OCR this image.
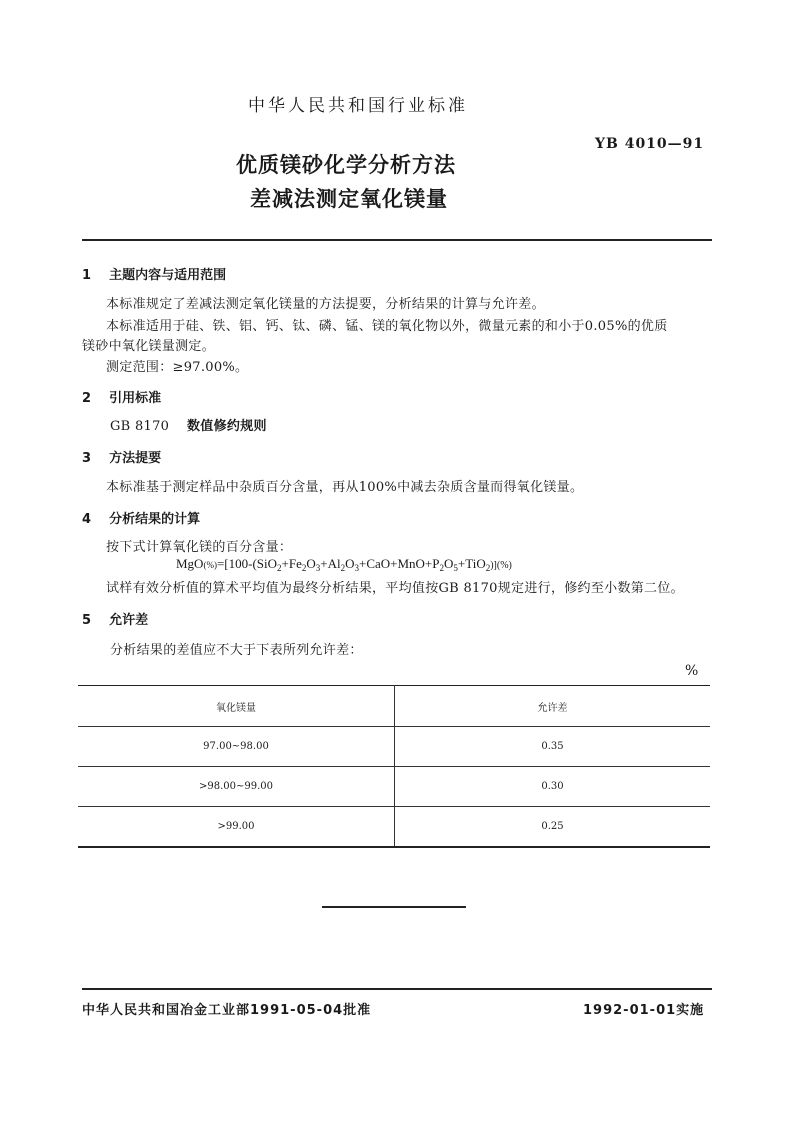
中华人民共和国行业标准
YB 4010—91
优质镁砂化学分析方法
差减法测定氧化镁量
1 主题内容与适用范围
本标准规定了差减法测定氧化镁量的方法提要，分析结果的计算与允许差。
本标准适用于硅、铁、铝、钙、钛、磷、锰、镁的氧化物以外，微量元素的和小于0.05%的优质
镁砂中氧化镁量测定。
测定范围：≥97.00%。
2 引用标准
GB 8170 数值修约规则
3 方法提要
本标准基于测定样品中杂质百分含量，再从100%中减去杂质含量而得氧化镁量。
4 分析结果的计算
按下式计算氧化镁的百分含量：
$MgO(\%)=[100-(SiO_2+Fe_2O_3+Al_2O_3+CaO+MnO+P_2O_5+TiO_2)](\%)$
试样有效分析值的算术平均值为最终分析结果，平均值按GB 8170规定进行，修约至小数第二位。
5 允许差
分析结果的差值应不大于下表所列允许差：
%
氧化镁量	允许差
97.00~98.00	0.35
>98.00~99.00	0.30
>99.00	0.25
中华人民共和国冶金工业部1991-05-04批准	1992-01-01实施
